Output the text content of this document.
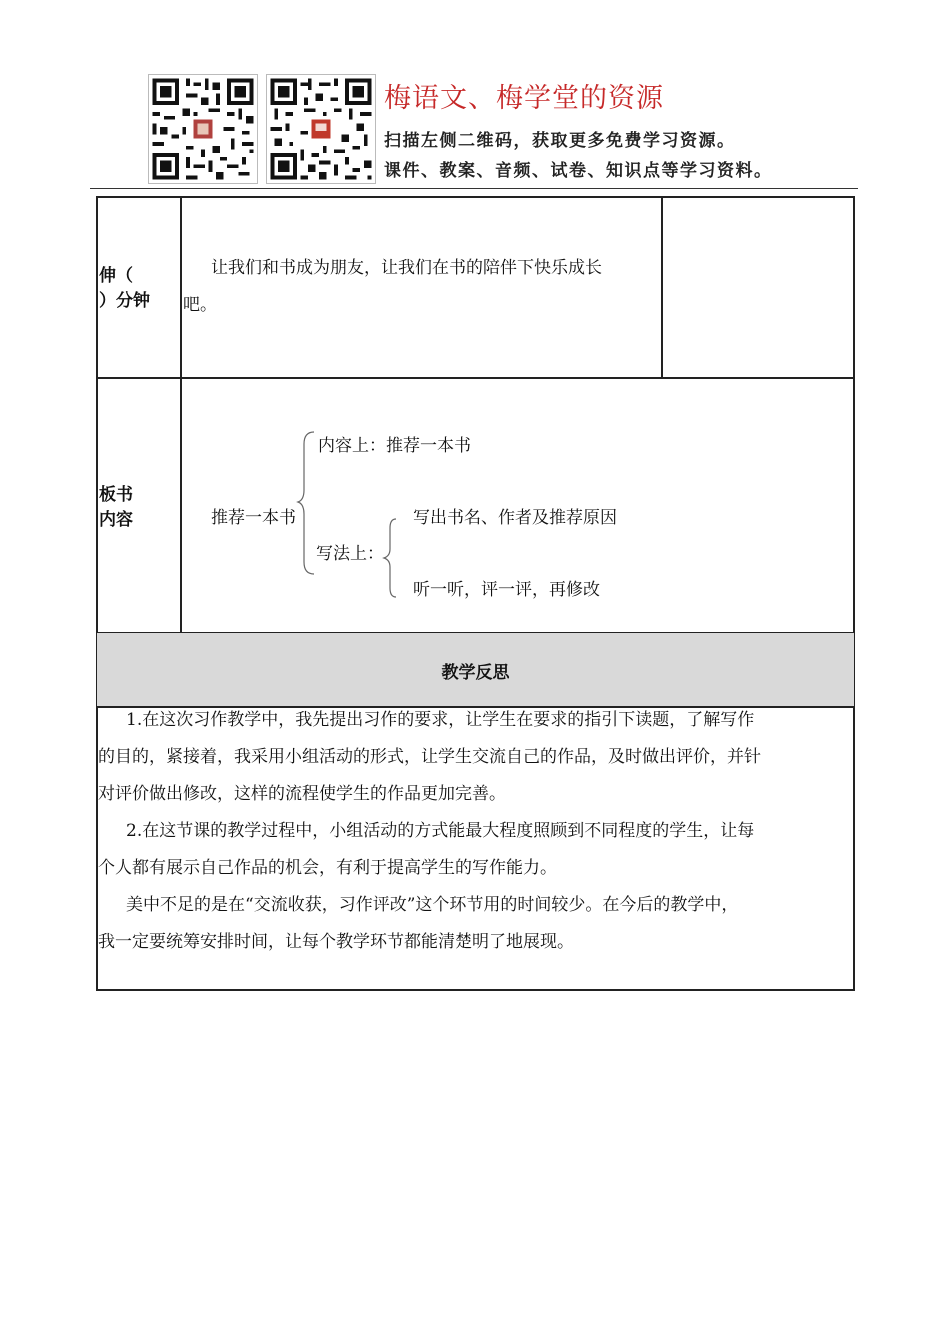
梅语文、梅学堂的资源
扫描左侧二维码，获取更多免费学习资源。
课件、教案、音频、试卷、知识点等学习资料。
伸（
）分钟
让我们和书成为朋友，让我们在书的陪伴下快乐成长
吧。
板书
内容	推荐一本书
内容上：推荐一本书
写法上：
写出书名、作者及推荐原因
听一听，评一评，再修改
教学反思
1.在这次习作教学中，我先提出习作的要求，让学生在要求的指引下读题，了解写作
的目的，紧接着，我采用小组活动的形式，让学生交流自己的作品，及时做出评价，并针
对评价做出修改，这样的流程使学生的作品更加完善。
2.在这节课的教学过程中，小组活动的方式能最大程度照顾到不同程度的学生，让每
个人都有展示自己作品的机会，有利于提高学生的写作能力。
美中不足的是在“交流收获，习作评改”这个环节用的时间较少。在今后的教学中，
我一定要统筹安排时间，让每个教学环节都能清楚明了地展现。
